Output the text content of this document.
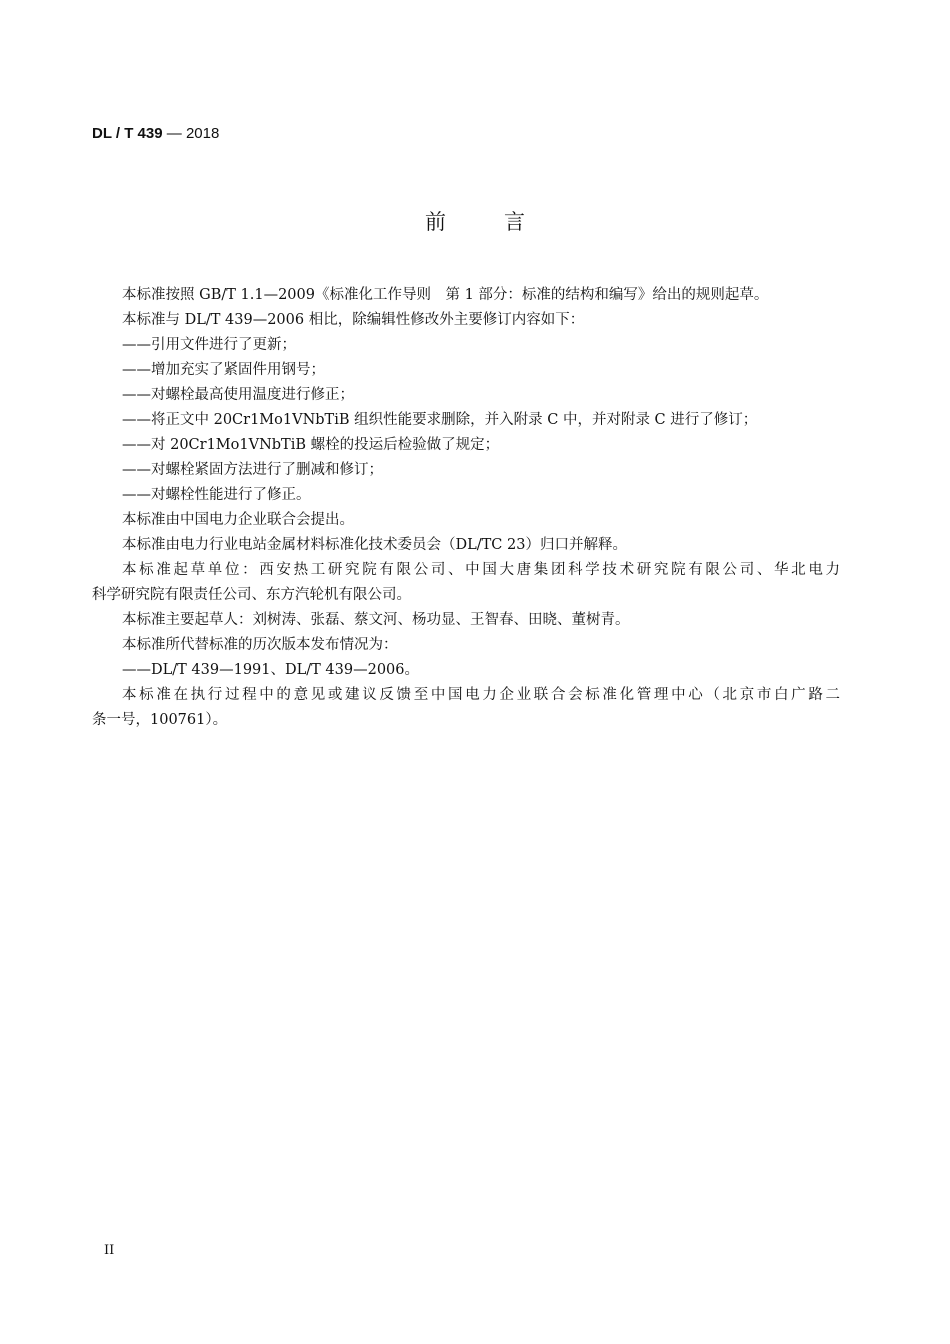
DL / T 439 — 2018
前言
本标准按照 GB/T 1.1—2009《标准化工作导则　第 1 部分：标准的结构和编写》给出的规则起草。
本标准与 DL/T 439—2006 相比，除编辑性修改外主要修订内容如下：
——引用文件进行了更新；
——增加充实了紧固件用钢号；
——对螺栓最高使用温度进行修正；
——将正文中 20Cr1Mo1VNbTiB 组织性能要求删除，并入附录 C 中，并对附录 C 进行了修订；
——对 20Cr1Mo1VNbTiB 螺栓的投运后检验做了规定；
——对螺栓紧固方法进行了删减和修订；
——对螺栓性能进行了修正。
本标准由中国电力企业联合会提出。
本标准由电力行业电站金属材料标准化技术委员会（DL/TC 23）归口并解释。
本标准起草单位：西安热工研究院有限公司、中国大唐集团科学技术研究院有限公司、华北电力
科学研究院有限责任公司、东方汽轮机有限公司。
本标准主要起草人：刘树涛、张磊、蔡文河、杨功显、王智春、田晓、董树青。
本标准所代替标准的历次版本发布情况为：
——DL/T 439—1991、DL/T 439—2006。
本标准在执行过程中的意见或建议反馈至中国电力企业联合会标准化管理中心（北京市白广路二
条一号，100761）。
II
